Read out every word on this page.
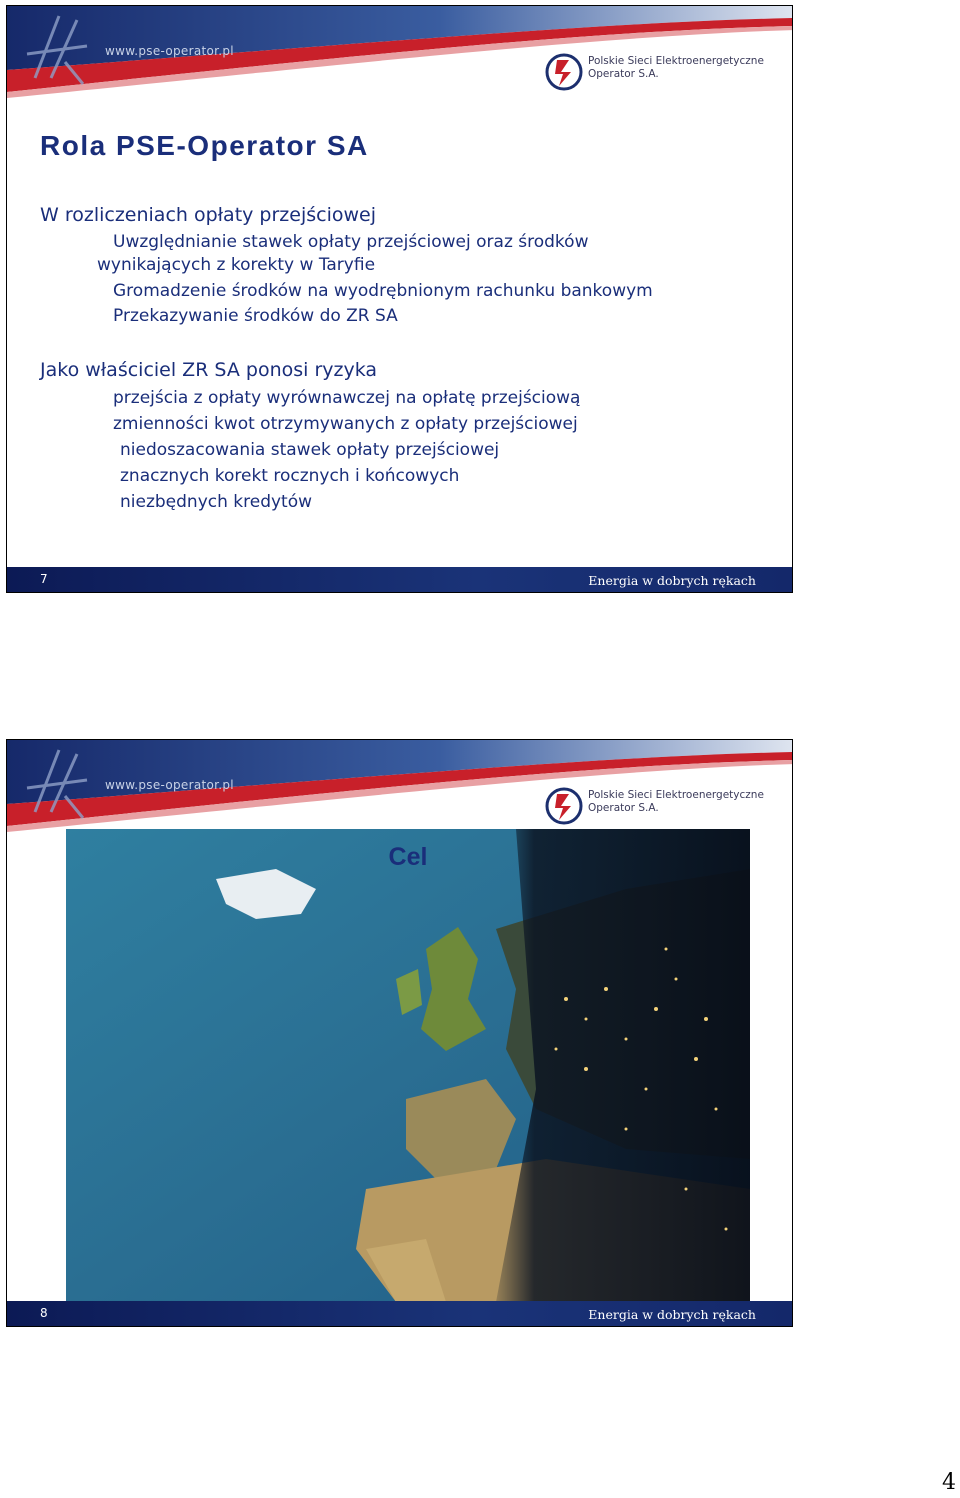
www.pse-operator.pl
Polskie Sieci Elektroenergetyczne
Operator S.A.
Rola PSE-Operator SA
W rozliczeniach opłaty przejściowej
Uwzględnianie stawek opłaty przejściowej oraz środków
wynikających z korekty w Taryfie
Gromadzenie środków na wyodrębnionym rachunku bankowym
Przekazywanie środków do ZR SA
Jako właściciel ZR SA ponosi ryzyka
przejścia z opłaty wyrównawczej na opłatę przejściową
zmienności kwot otrzymywanych z opłaty przejściowej
niedoszacowania stawek opłaty przejściowej
znacznych korekt rocznych i końcowych
niezbędnych kredytów
7	Energia w dobrych rękach
www.pse-operator.pl
Polskie Sieci Elektroenergetyczne
Operator S.A.
Cel
8	Energia w dobrych rękach
4
